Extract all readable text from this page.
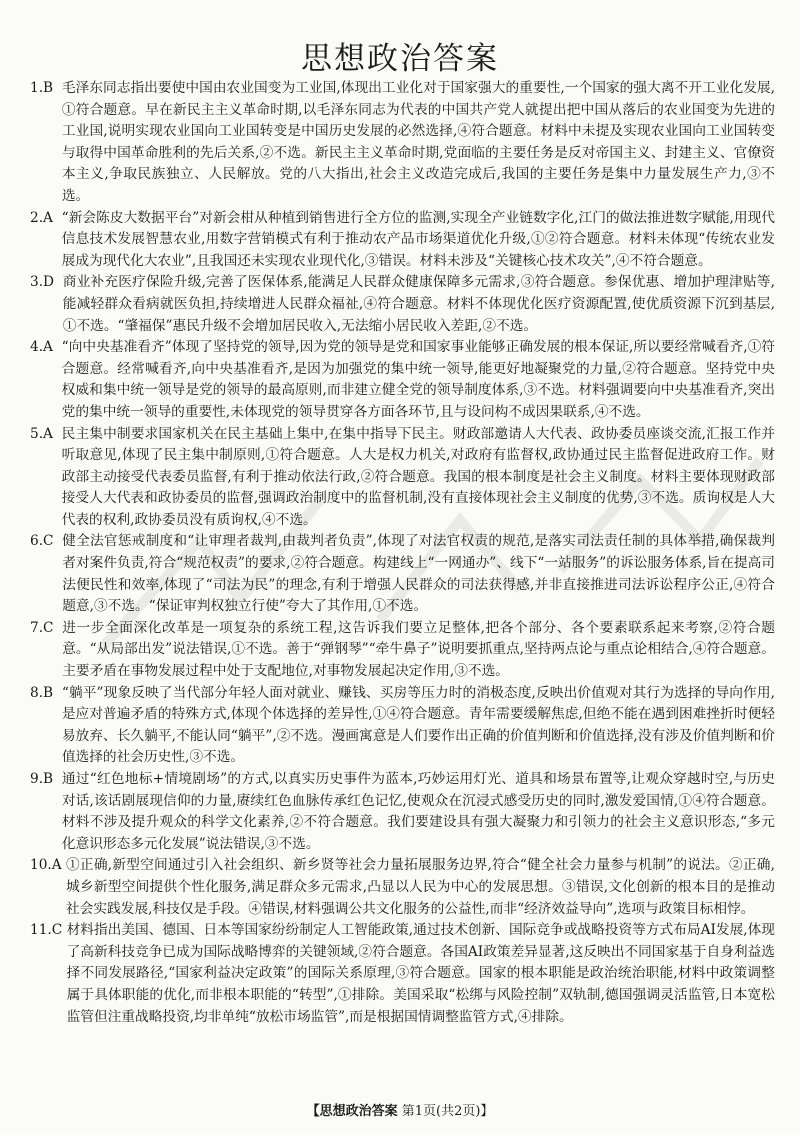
思想政治答案
1.B 毛泽东同志指出要使中国由农业国变为工业国,体现出工业化对于国家强大的重要性,一个国家的强大离不开工业化发展,①符合题意。早在新民主主义革命时期,以毛泽东同志为代表的中国共产党人就提出把中国从落后的农业国变为先进的工业国,说明实现农业国向工业国转变是中国历史发展的必然选择,④符合题意。材料中未提及实现农业国向工业国转变与取得中国革命胜利的先后关系,②不选。新民主主义革命时期,党面临的主要任务是反对帝国主义、封建主义、官僚资本主义,争取民族独立、人民解放。党的八大指出,社会主义改造完成后,我国的主要任务是集中力量发展生产力,③不选。
2.A “新会陈皮大数据平台”对新会柑从种植到销售进行全方位的监测,实现全产业链数字化,江门的做法推进数字赋能,用现代信息技术发展智慧农业,用数字营销模式有利于推动农产品市场渠道优化升级,①②符合题意。材料未体现“传统农业发展成为现代化大农业”,且我国还未实现农业现代化,③错误。材料未涉及“关键核心技术攻关”,④不符合题意。
3.D 商业补充医疗保险升级,完善了医保体系,能满足人民群众健康保障多元需求,③符合题意。参保优惠、增加护理津贴等,能减轻群众看病就医负担,持续增进人民群众福祉,④符合题意。材料不体现优化医疗资源配置,使优质资源下沉到基层,①不选。“肇福保”惠民升级不会增加居民收入,无法缩小居民收入差距,②不选。
4.A “向中央基准看齐”体现了坚持党的领导,因为党的领导是党和国家事业能够正确发展的根本保证,所以要经常喊看齐,①符合题意。经常喊看齐,向中央基准看齐,是因为加强党的集中统一领导,能更好地凝聚党的力量,②符合题意。坚持党中央权威和集中统一领导是党的领导的最高原则,而非建立健全党的领导制度体系,③不选。材料强调要向中央基准看齐,突出党的集中统一领导的重要性,未体现党的领导贯穿各方面各环节,且与设问构不成因果联系,④不选。
5.A 民主集中制要求国家机关在民主基础上集中,在集中指导下民主。财政部邀请人大代表、政协委员座谈交流,汇报工作并听取意见,体现了民主集中制原则,①符合题意。人大是权力机关,对政府有监督权,政协通过民主监督促进政府工作。财政部主动接受代表委员监督,有利于推动依法行政,②符合题意。我国的根本制度是社会主义制度。材料主要体现财政部接受人大代表和政协委员的监督,强调政治制度中的监督机制,没有直接体现社会主义制度的优势,③不选。质询权是人大代表的权利,政协委员没有质询权,④不选。
6.C 健全法官惩戒制度和“让审理者裁判,由裁判者负责”,体现了对法官权责的规范,是落实司法责任制的具体举措,确保裁判者对案件负责,符合“规范权责”的要求,②符合题意。构建线上“一网通办”、线下“一站服务”的诉讼服务体系,旨在提高司法便民性和效率,体现了“司法为民”的理念,有利于增强人民群众的司法获得感,并非直接推进司法诉讼程序公正,④符合题意,③不选。“保证审判权独立行使”夸大了其作用,①不选。
7.C 进一步全面深化改革是一项复杂的系统工程,这告诉我们要立足整体,把各个部分、各个要素联系起来考察,②符合题意。“从局部出发”说法错误,①不选。善于“弹钢琴”“牵牛鼻子”说明要抓重点,坚持两点论与重点论相结合,④符合题意。主要矛盾在事物发展过程中处于支配地位,对事物发展起决定作用,③不选。
8.B “躺平”现象反映了当代部分年轻人面对就业、赚钱、买房等压力时的消极态度,反映出价值观对其行为选择的导向作用,是应对普遍矛盾的特殊方式,体现个体选择的差异性,①④符合题意。青年需要缓解焦虑,但绝不能在遇到困难挫折时便轻易放弃、长久躺平,不能认同“躺平”,②不选。漫画寓意是人们要作出正确的价值判断和价值选择,没有涉及价值判断和价值选择的社会历史性,③不选。
9.B 通过“红色地标+情境剧场”的方式,以真实历史事件为蓝本,巧妙运用灯光、道具和场景布置等,让观众穿越时空,与历史对话,该话剧展现信仰的力量,赓续红色血脉传承红色记忆,使观众在沉浸式感受历史的同时,激发爱国情,①④符合题意。材料不涉及提升观众的科学文化素养,②不符合题意。我们要建设具有强大凝聚力和引领力的社会主义意识形态,“多元化意识形态多元化发展”说法错误,③不选。
10.A ①正确,新型空间通过引入社会组织、新乡贤等社会力量拓展服务边界,符合“健全社会力量参与机制”的说法。②正确,城乡新型空间提供个性化服务,满足群众多元需求,凸显以人民为中心的发展思想。③错误,文化创新的根本目的是推动社会实践发展,科技仅是手段。④错误,材料强调公共文化服务的公益性,而非“经济效益导向”,选项与政策目标相悖。
11.C 材料指出美国、德国、日本等国家纷纷制定人工智能政策,通过技术创新、国际竞争或战略投资等方式布局AI发展,体现了高新科技竞争已成为国际战略博弈的关键领域,②符合题意。各国AI政策差异显著,这反映出不同国家基于自身利益选择不同发展路径,“国家利益决定政策”的国际关系原理,③符合题意。国家的根本职能是政治统治职能,材料中政策调整属于具体职能的优化,而非根本职能的“转型”,①排除。美国采取“松绑与风险控制”双轨制,德国强调灵活监管,日本宽松监管但注重战略投资,均非单纯“放松市场监管”,而是根据国情调整监管方式,④排除。
【思想政治答案 第1页(共2页)】
